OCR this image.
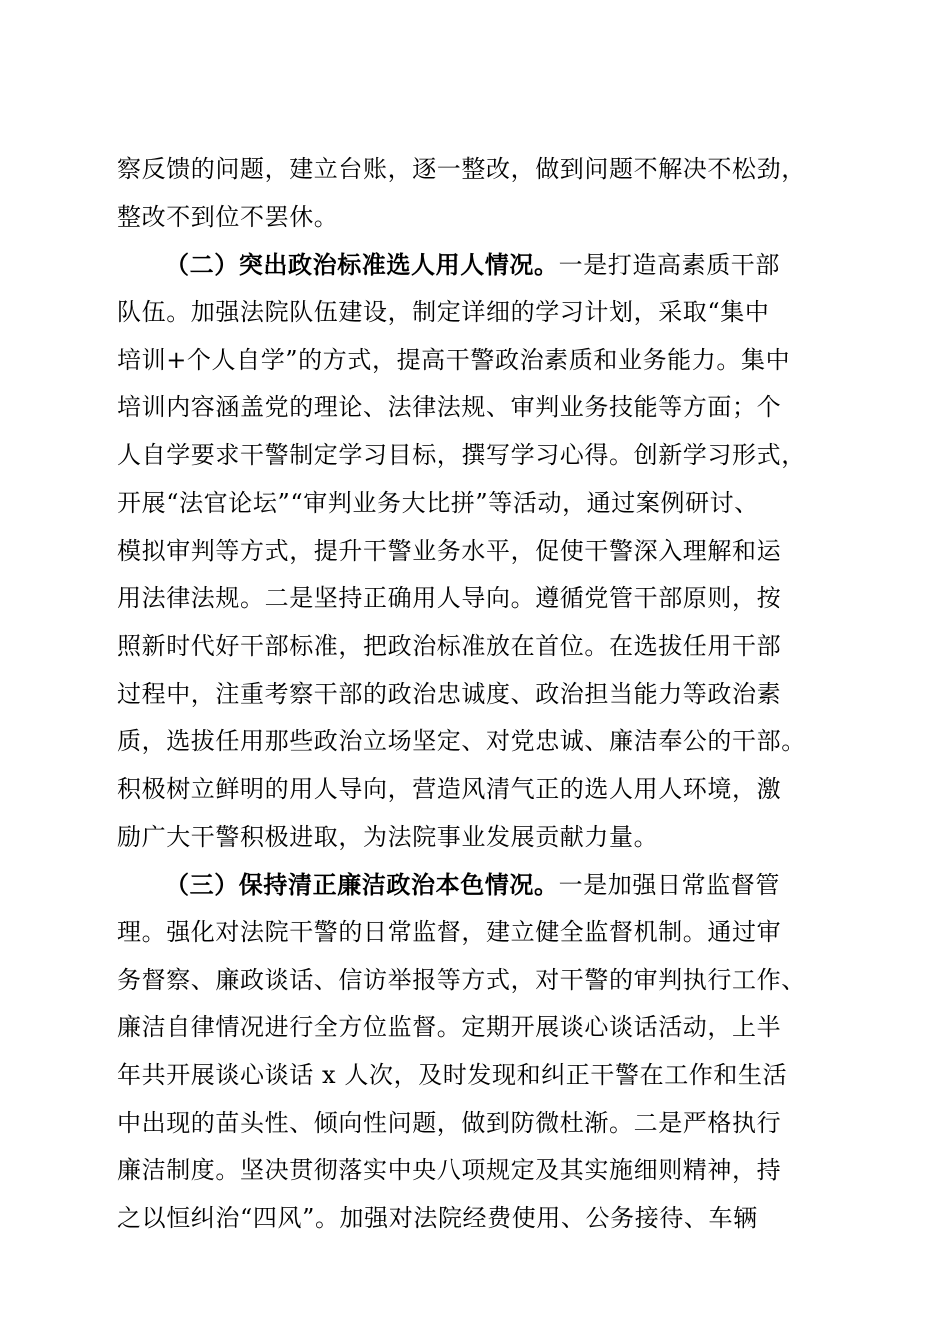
察反馈的问题，建立台账，逐一整改，做到问题不解决不松劲，
整改不到位不罢休。
（二）突出政治标准选人用人情况。一是打造高素质干部
队伍。加强法院队伍建设，制定详细的学习计划，采取“集中
培训+个人自学”的方式，提高干警政治素质和业务能力。集中
培训内容涵盖党的理论、法律法规、审判业务技能等方面；个
人自学要求干警制定学习目标，撰写学习心得。创新学习形式，
开展“法官论坛”“审判业务大比拼”等活动，通过案例研讨、
模拟审判等方式，提升干警业务水平，促使干警深入理解和运
用法律法规。二是坚持正确用人导向。遵循党管干部原则，按
照新时代好干部标准，把政治标准放在首位。在选拔任用干部
过程中，注重考察干部的政治忠诚度、政治担当能力等政治素
质，选拔任用那些政治立场坚定、对党忠诚、廉洁奉公的干部。
积极树立鲜明的用人导向，营造风清气正的选人用人环境，激
励广大干警积极进取，为法院事业发展贡献力量。
（三）保持清正廉洁政治本色情况。一是加强日常监督管
理。强化对法院干警的日常监督，建立健全监督机制。通过审
务督察、廉政谈话、信访举报等方式，对干警的审判执行工作、
廉洁自律情况进行全方位监督。定期开展谈心谈话活动，上半
年共开展谈心谈话 x 人次，及时发现和纠正干警在工作和生活
中出现的苗头性、倾向性问题，做到防微杜渐。二是严格执行
廉洁制度。坚决贯彻落实中央八项规定及其实施细则精神，持
之以恒纠治“四风”。加强对法院经费使用、公务接待、车辆
